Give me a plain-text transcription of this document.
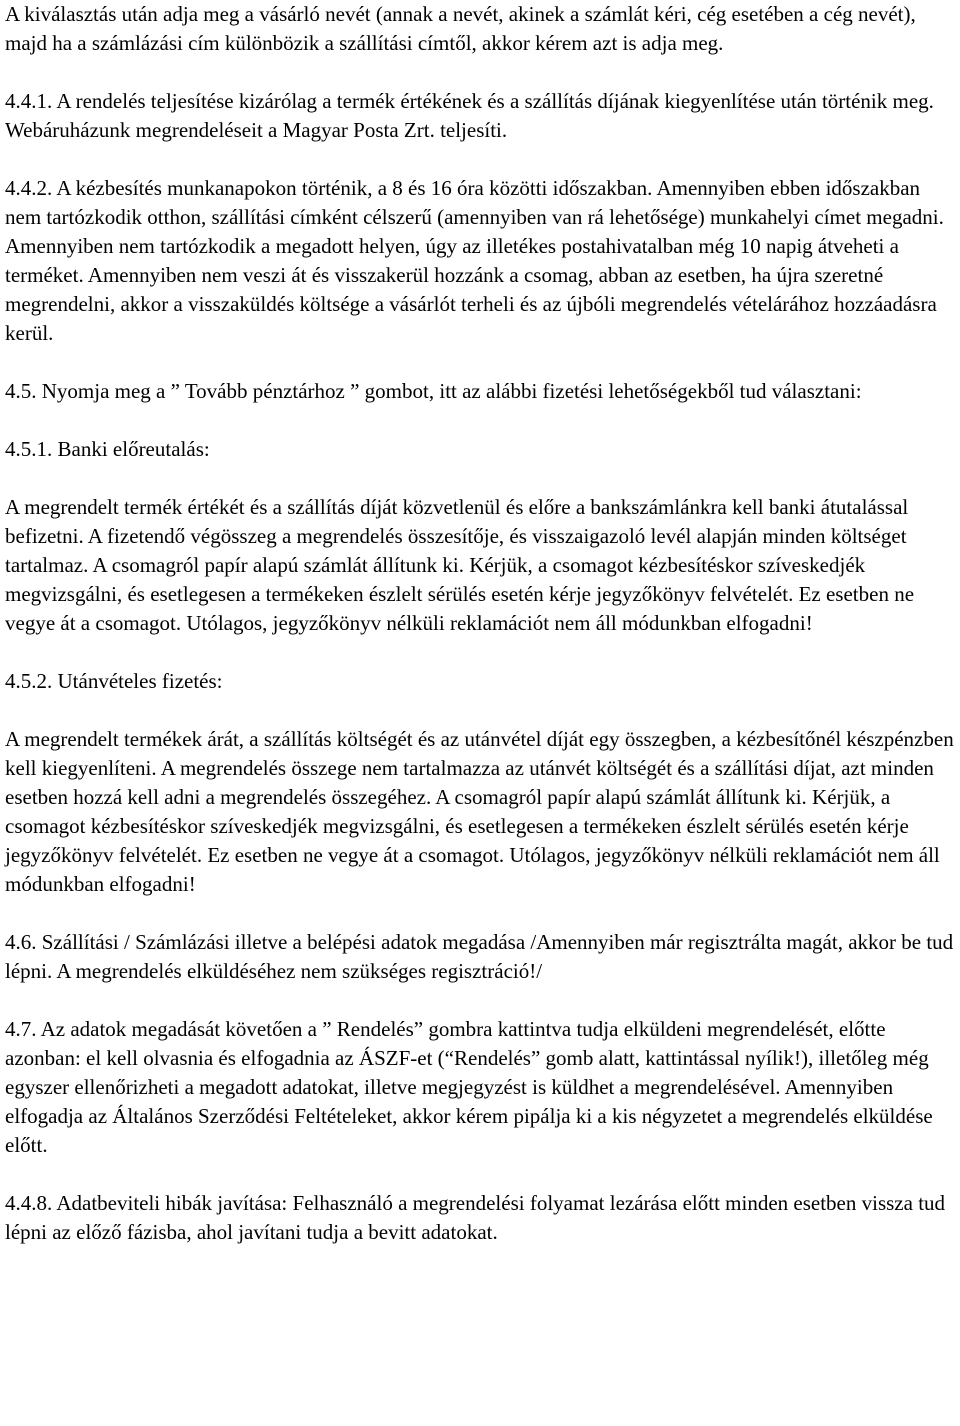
A kiválasztás után adja meg a vásárló nevét (annak a nevét, akinek a számlát kéri, cég esetében a cég nevét), majd ha a számlázási cím különbözik a szállítási címtől, akkor kérem azt is adja meg.

4.4.1. A rendelés teljesítése kizárólag a termék értékének és a szállítás díjának kiegyenlítése után történik meg.

Webáruházunk megrendeléseit a Magyar Posta Zrt. teljesíti.

4.4.2. A kézbesítés munkanapokon történik, a 8 és 16 óra közötti időszakban. Amennyiben ebben időszakban nem tartózkodik otthon, szállítási címként célszerű (amennyiben van rá lehetősége) munkahelyi címet megadni. Amennyiben nem tartózkodik a megadott helyen, úgy az illetékes postahivatalban még 10 napig átveheti a terméket. Amennyiben nem veszi át és visszakerül hozzánk a csomag, abban az esetben, ha újra szeretné megrendelni, akkor a visszaküldés költsége a vásárlót terheli és az újbóli megrendelés vételárához hozzáadásra kerül.

4.5. Nyomja meg a ” Tovább pénztárhoz ” gombot, itt az alábbi fizetési lehetőségekből tud választani:

4.5.1. Banki előreutalás:

A megrendelt termék értékét és a szállítás díját közvetlenül és előre a bankszámlánkra kell banki átutalással befizetni. A fizetendő végösszeg a megrendelés összesítője, és visszaigazoló levél alapján minden költséget tartalmaz. A csomagról papír alapú számlát állítunk ki. Kérjük, a csomagot kézbesítéskor szíveskedjék megvizsgálni, és esetlegesen a termékeken észlelt sérülés esetén kérje jegyzőkönyv felvételét. Ez esetben ne vegye át a csomagot. Utólagos, jegyzőkönyv nélküli reklamációt nem áll módunkban elfogadni!

4.5.2. Utánvételes fizetés:

A megrendelt termékek árát, a szállítás költségét és az utánvétel díját egy összegben, a kézbesítőnél készpénzben kell kiegyenlíteni. A megrendelés összege nem tartalmazza az utánvét költségét és a szállítási díjat, azt minden esetben hozzá kell adni a megrendelés összegéhez. A csomagról papír alapú számlát állítunk ki. Kérjük, a csomagot kézbesítéskor szíveskedjék megvizsgálni, és esetlegesen a termékeken észlelt sérülés esetén kérje jegyzőkönyv felvételét. Ez esetben ne vegye át a csomagot. Utólagos, jegyzőkönyv nélküli reklamációt nem áll módunkban elfogadni!

4.6. Szállítási / Számlázási illetve a belépési adatok megadása /Amennyiben már regisztrálta magát, akkor be tud lépni. A megrendelés elküldéséhez nem szükséges regisztráció!/

4.7. Az adatok megadását követően a ” Rendelés” gombra kattintva tudja elküldeni megrendelését, előtte azonban: el kell olvasnia és elfogadnia az ÁSZF-et (“Rendelés” gomb alatt, kattintással nyílik!), illetőleg még egyszer ellenőrizheti a megadott adatokat, illetve megjegyzést is küldhet a megrendelésével. Amennyiben elfogadja az Általános Szerződési Feltételeket, akkor kérem pipálja ki a kis négyzetet a megrendelés elküldése előtt.

4.4.8. Adatbeviteli hibák javítása: Felhasználó a megrendelési folyamat lezárása előtt minden esetben vissza tud lépni az előző fázisba, ahol javítani tudja a bevitt adatokat.
